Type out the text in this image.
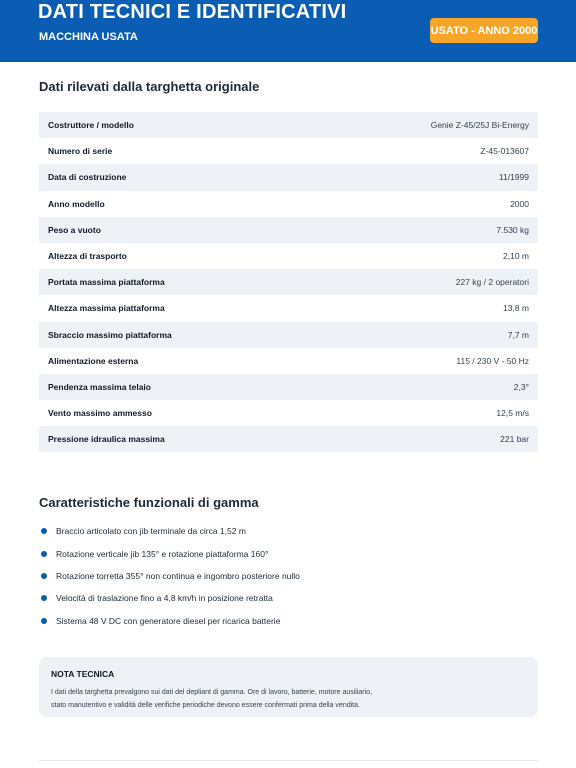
DATI TECNICI E IDENTIFICATIVI
MACCHINA USATA
USATO - ANNO 2000
Dati rilevati dalla targhetta originale
Costruttore / modello	Genie Z-45/25J Bi-Energy
Numero di serie	Z-45-013607
Data di costruzione	11/1999
Anno modello	2000
Peso a vuoto	7.530 kg
Altezza di trasporto	2,10 m
Portata massima piattaforma	227 kg / 2 operatori
Altezza massima piattaforma	13,8 m
Sbraccio massimo piattaforma	7,7 m
Alimentazione esterna	115 / 230 V - 50 Hz
Pendenza massima telaio	2,3°
Vento massimo ammesso	12,5 m/s
Pressione idraulica massima	221 bar
Caratteristiche funzionali di gamma
Braccio articolato con jib terminale da circa 1,52 m
Rotazione verticale jib 135° e rotazione piattaforma 160°
Rotazione torretta 355° non continua e ingombro posteriore nullo
Velocità di traslazione fino a 4,8 km/h in posizione retratta
Sistema 48 V DC con generatore diesel per ricarica batterie
NOTA TECNICA
I dati della targhetta prevalgono sui dati del depliant di gamma. Ore di lavoro, batterie, motore ausiliario,
stato manutentivo e validità delle verifiche periodiche devono essere confermati prima della vendita.
